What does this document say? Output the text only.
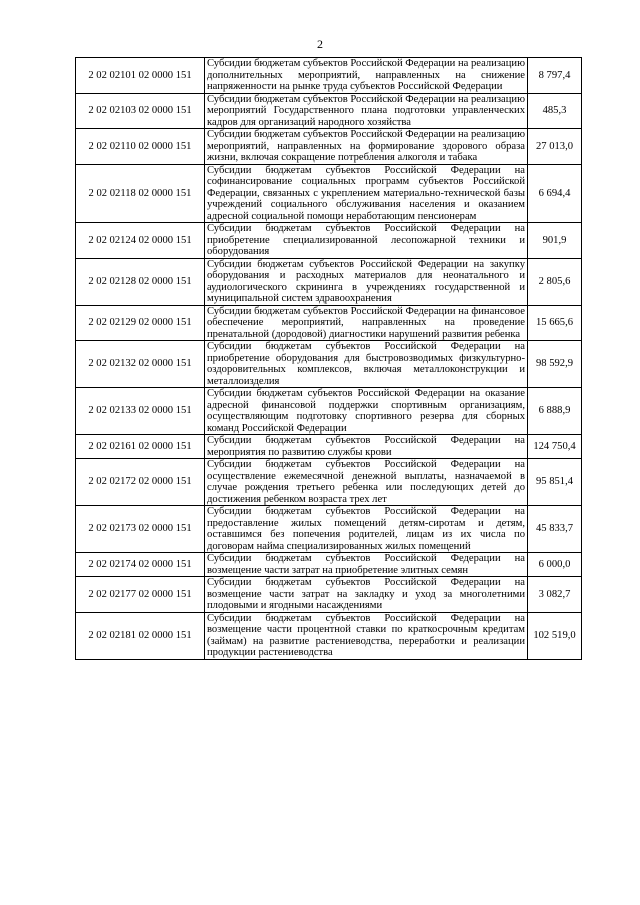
2
2 02 02101 02 0000 151	Субсидии бюджетам субъектов Российской Федерации на реализацию дополнительных мероприятий, направленных на снижение напряженности на рынке труда субъектов Российской Федерации	8 797,4
2 02 02103 02 0000 151	Субсидии бюджетам субъектов Российской Федерации на реализацию мероприятий Государственного плана подготовки управленческих кадров для организаций народного хозяйства	485,3
2 02 02110 02 0000 151	Субсидии бюджетам субъектов Российской Федерации на реализацию мероприятий, направленных на формирование здорового образа жизни, включая сокращение потребления алкоголя и табака	27 013,0
2 02 02118 02 0000 151	Субсидии бюджетам субъектов Российской Федерации на софинансирование социальных программ субъектов Российской Федерации, связанных с укреплением материально-технической базы учреждений социального обслуживания населения и оказанием адресной социальной помощи неработающим пенсионерам	6 694,4
2 02 02124 02 0000 151	Субсидии бюджетам субъектов Российской Федерации на приобретение специализированной лесопожарной техники и оборудования	901,9
2 02 02128 02 0000 151	Субсидии бюджетам субъектов Российской Федерации на закупку оборудования и расходных материалов для неонатального и аудиологического скрининга в учреждениях государственной и муниципальной систем здравоохранения	2 805,6
2 02 02129 02 0000 151	Субсидии бюджетам субъектов Российской Федерации на финансовое обеспечение мероприятий, направленных на проведение пренатальной (дородовой) диагностики нарушений развития ребенка	15 665,6
2 02 02132 02 0000 151	Субсидии бюджетам субъектов Российской Федерации на приобретение оборудования для быстровозводимых физкультурно-оздоровительных комплексов, включая металлоконструкции и металлоизделия	98 592,9
2 02 02133 02 0000 151	Субсидии бюджетам субъектов Российской Федерации на оказание адресной финансовой поддержки спортивным организациям, осуществляющим подготовку спортивного резерва для сборных команд Российской Федерации	6 888,9
2 02 02161 02 0000 151	Субсидии бюджетам субъектов Российской Федерации на мероприятия по развитию службы крови	124 750,4
2 02 02172 02 0000 151	Субсидии бюджетам субъектов Российской Федерации на осуществление ежемесячной денежной выплаты, назначаемой в случае рождения третьего ребенка или последующих детей до достижения ребенком возраста трех лет	95 851,4
2 02 02173 02 0000 151	Субсидии бюджетам субъектов Российской Федерации на предоставление жилых помещений детям-сиротам и детям, оставшимся без попечения родителей, лицам из их числа по договорам найма специализированных жилых помещений	45 833,7
2 02 02174 02 0000 151	Субсидии бюджетам субъектов Российской Федерации на возмещение части затрат на приобретение элитных семян	6 000,0
2 02 02177 02 0000 151	Субсидии бюджетам субъектов Российской Федерации на возмещение части затрат на закладку и уход за многолетними плодовыми и ягодными насаждениями	3 082,7
2 02 02181 02 0000 151	Субсидии бюджетам субъектов Российской Федерации на возмещение части процентной ставки по краткосрочным кредитам (займам) на развитие растениеводства, переработки и реализации продукции растениеводства	102 519,0
